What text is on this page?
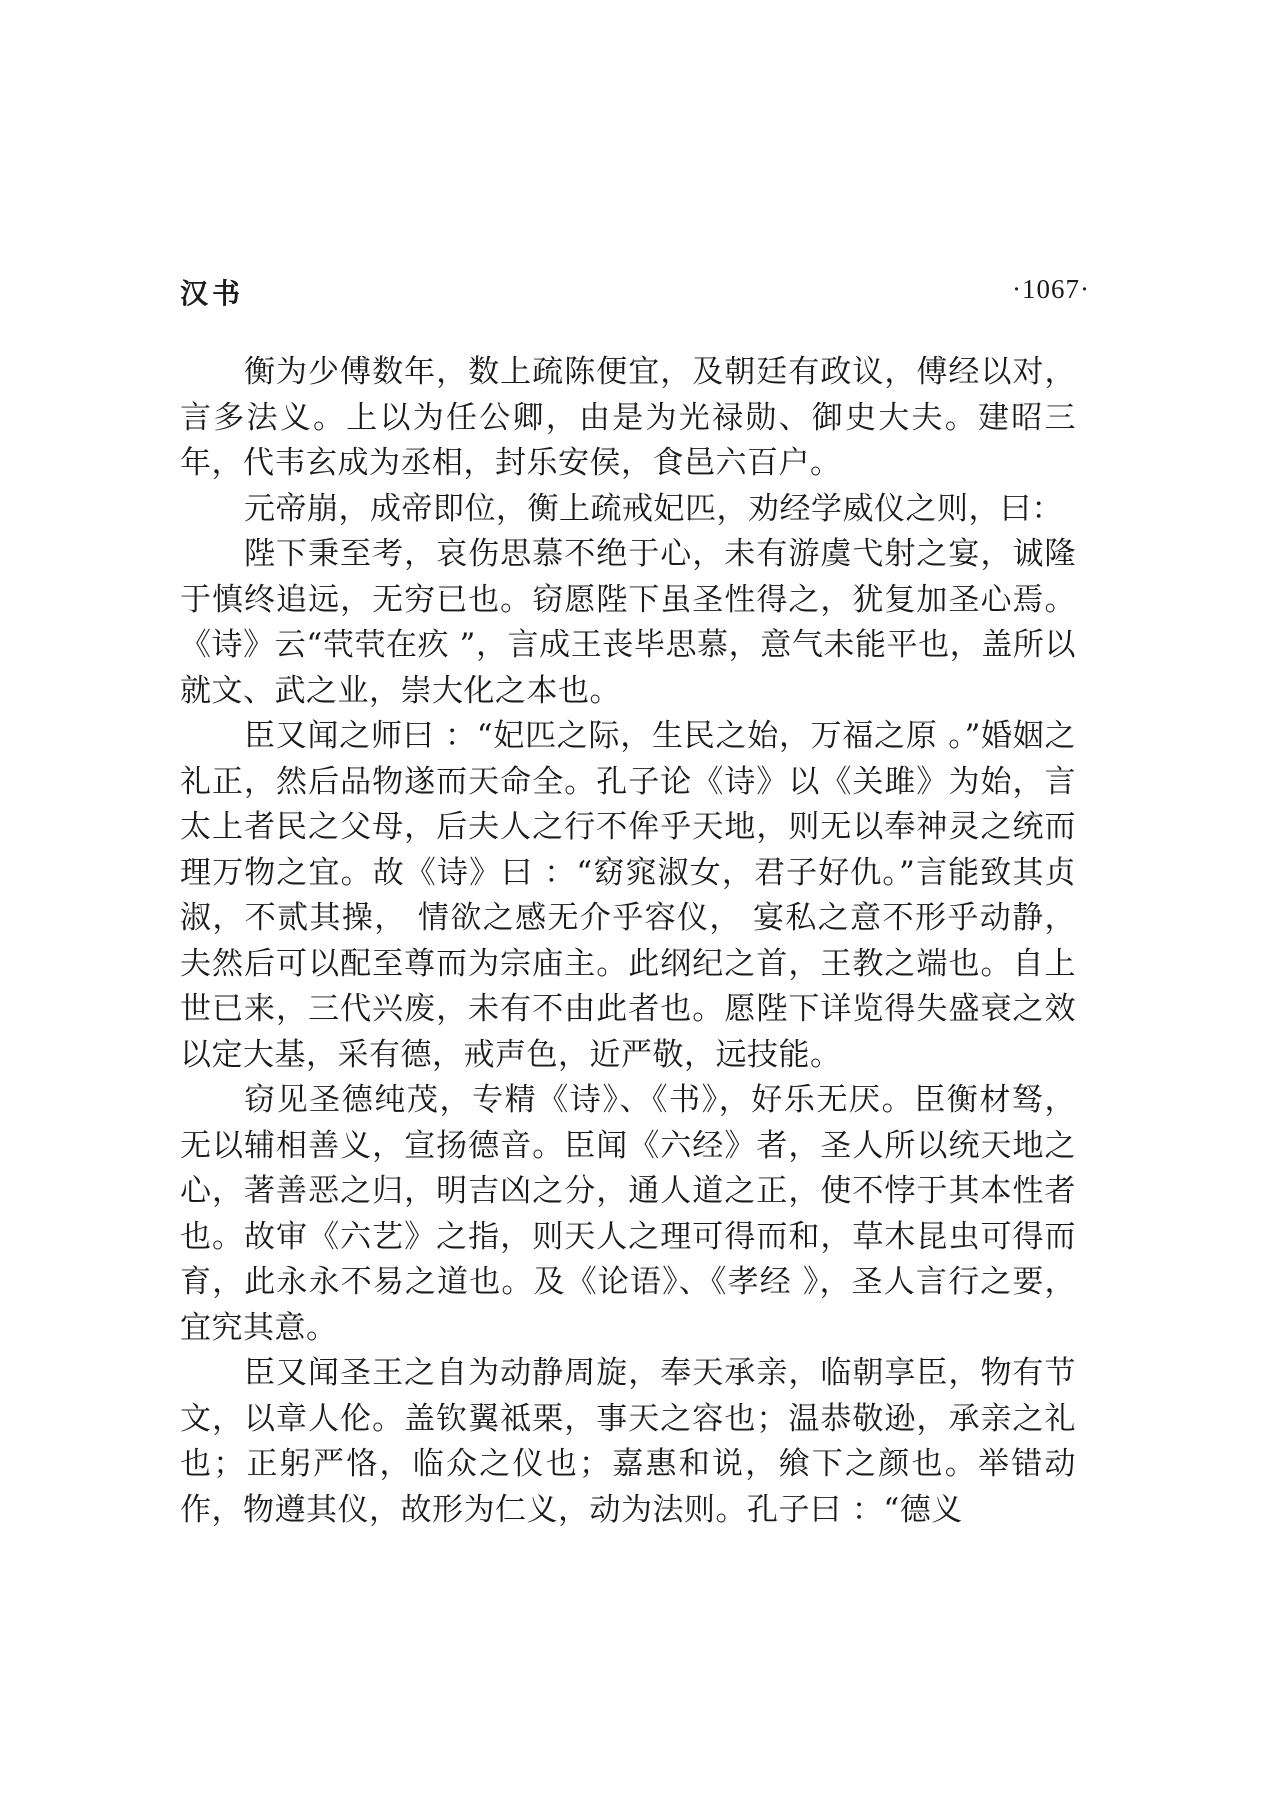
汉书	·1067·

衡为少傅数年，数上疏陈便宜，及朝廷有政议，傅经以对，言多法义。上以为任公卿，由是为光禄勋、御史大夫。建昭三年，代韦玄成为丞相，封乐安侯，食邑六百户。

元帝崩，成帝即位，衡上疏戒妃匹，劝经学威仪之则，曰：

陛下秉至考，哀伤思慕不绝于心，未有游虞弋射之宴，诚隆于慎终追远，无穷已也。窃愿陛下虽圣性得之，犹复加圣心焉。《诗》云“茕茕在疚 ”，言成王丧毕思慕，意气未能平也，盖所以就文、武之业，崇大化之本也。

臣又闻之师曰 ：“妃匹之际，生民之始，万福之原 。”婚姻之礼正，然后品物遂而天命全。孔子论《诗》以《关雎》为始，言太上者民之父母，后夫人之行不侔乎天地，则无以奉神灵之统而理万物之宜。故《诗》曰 ：“窈窕淑女，君子好仇。”言能致其贞淑，不贰其操， 情欲之感无介乎容仪， 宴私之意不形乎动静，夫然后可以配至尊而为宗庙主。此纲纪之首，王教之端也。自上世已来，三代兴废，未有不由此者也。愿陛下详览得失盛衰之效以定大基，采有德，戒声色，近严敬，远技能。

窃见圣德纯茂，专精《诗》、《书》，好乐无厌。臣衡材驽，无以辅相善义，宣扬德音。臣闻《六经》者，圣人所以统天地之心，著善恶之归，明吉凶之分，通人道之正，使不悖于其本性者也。故审《六艺》之指，则天人之理可得而和，草木昆虫可得而育，此永永不易之道也。及《论语》、《孝经 》，圣人言行之要，宜究其意。

臣又闻圣王之自为动静周旋，奉天承亲，临朝享臣，物有节文，以章人伦。盖钦翼祗栗，事天之容也；温恭敬逊，承亲之礼也；正躬严恪，临众之仪也；嘉惠和说，飨下之颜也。举错动作，物遵其仪，故形为仁义，动为法则。孔子曰 ：“德义
